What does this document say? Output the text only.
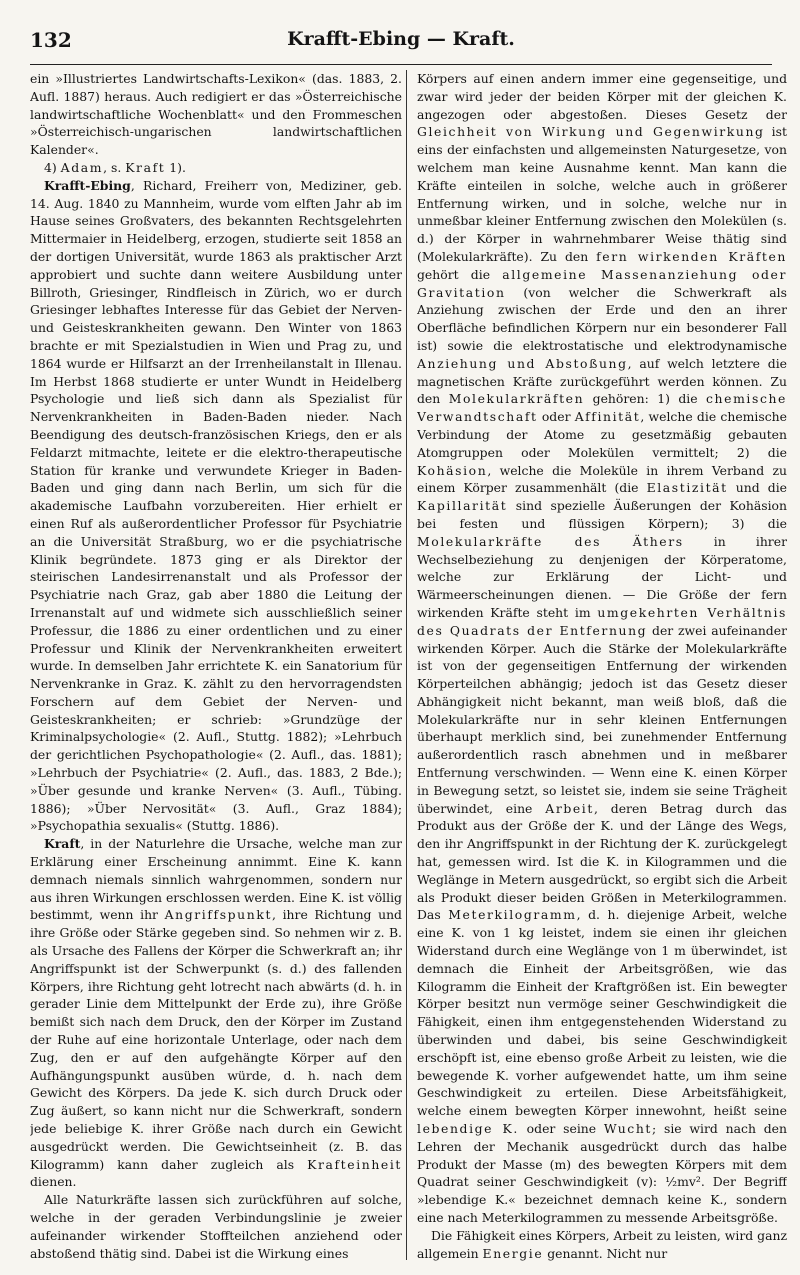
132	Krafft-Ebing — Kraft.

ein »Illustriertes Landwirtschafts-Lexikon« (das. 1883, 2. Aufl. 1887) heraus. Auch redigiert er das »Österreichische landwirtschaftliche Wochenblatt« und den Frommeschen »Österreichisch-ungarischen landwirtschaftlichen Kalender«.

4) Adam, s. Kraft 1).

Krafft-Ebing, Richard, Freiherr von, Mediziner, geb. 14. Aug. 1840 zu Mannheim, wurde vom elften Jahr ab im Hause seines Großvaters, des bekannten Rechtsgelehrten Mittermaier in Heidelberg, erzogen, studierte seit 1858 an der dortigen Universität, wurde 1863 als praktischer Arzt approbiert und suchte dann weitere Ausbildung unter Billroth, Griesinger, Rindfleisch in Zürich, wo er durch Griesinger lebhaftes Interesse für das Gebiet der Nerven- und Geisteskrankheiten gewann. Den Winter von 1863 brachte er mit Spezialstudien in Wien und Prag zu, und 1864 wurde er Hilfsarzt an der Irrenheilanstalt in Illenau. Im Herbst 1868 studierte er unter Wundt in Heidelberg Psychologie und ließ sich dann als Spezialist für Nervenkrankheiten in Baden-Baden nieder. Nach Beendigung des deutsch-französischen Kriegs, den er als Feldarzt mitmachte, leitete er die elektro-therapeutische Station für kranke und verwundete Krieger in Baden-Baden und ging dann nach Berlin, um sich für die akademische Laufbahn vorzubereiten. Hier erhielt er einen Ruf als außerordentlicher Professor für Psychiatrie an die Universität Straßburg, wo er die psychiatrische Klinik begründete. 1873 ging er als Direktor der steirischen Landesirrenanstalt und als Professor der Psychiatrie nach Graz, gab aber 1880 die Leitung der Irrenanstalt auf und widmete sich ausschließlich seiner Professur, die 1886 zu einer ordentlichen und zu einer Professur und Klinik der Nervenkrankheiten erweitert wurde. In demselben Jahr errichtete K. ein Sanatorium für Nervenkranke in Graz. K. zählt zu den hervorragendsten Forschern auf dem Gebiet der Nerven- und Geisteskrankheiten; er schrieb: »Grundzüge der Kriminalpsychologie« (2. Aufl., Stuttg. 1882); »Lehrbuch der gerichtlichen Psychopathologie« (2. Aufl., das. 1881); »Lehrbuch der Psychiatrie« (2. Aufl., das. 1883, 2 Bde.); »Über gesunde und kranke Nerven« (3. Aufl., Tübing. 1886); »Über Nervosität« (3. Aufl., Graz 1884); »Psychopathia sexualis« (Stuttg. 1886).

Kraft, in der Naturlehre die Ursache, welche man zur Erklärung einer Erscheinung annimmt. Eine K. kann demnach niemals sinnlich wahrgenommen, sondern nur aus ihren Wirkungen erschlossen werden. Eine K. ist völlig bestimmt, wenn ihr Angriffspunkt, ihre Richtung und ihre Größe oder Stärke gegeben sind. So nehmen wir z. B. als Ursache des Fallens der Körper die Schwerkraft an; ihr Angriffspunkt ist der Schwerpunkt (s. d.) des fallenden Körpers, ihre Richtung geht lotrecht nach abwärts (d. h. in gerader Linie dem Mittelpunkt der Erde zu), ihre Größe bemißt sich nach dem Druck, den der Körper im Zustand der Ruhe auf eine horizontale Unterlage, oder nach dem Zug, den er auf den aufgehängte Körper auf den Aufhängungspunkt ausüben würde, d. h. nach dem Gewicht des Körpers. Da jede K. sich durch Druck oder Zug äußert, so kann nicht nur die Schwerkraft, sondern jede beliebige K. ihrer Größe nach durch ein Gewicht ausgedrückt werden. Die Gewichtseinheit (z. B. das Kilogramm) kann daher zugleich als Krafteinheit dienen.

Alle Naturkräfte lassen sich zurückführen auf solche, welche in der geraden Verbindungslinie je zweier aufeinander wirkender Stoffteilchen anziehend oder abstoßend thätig sind. Dabei ist die Wirkung eines

Körpers auf einen andern immer eine gegenseitige, und zwar wird jeder der beiden Körper mit der gleichen K. angezogen oder abgestoßen. Dieses Gesetz der Gleichheit von Wirkung und Gegenwirkung ist eins der einfachsten und allgemeinsten Naturgesetze, von welchem man keine Ausnahme kennt. Man kann die Kräfte einteilen in solche, welche auch in größerer Entfernung wirken, und in solche, welche nur in unmeßbar kleiner Entfernung zwischen den Molekülen (s. d.) der Körper in wahrnehmbarer Weise thätig sind (Molekularkräfte). Zu den fern wirkenden Kräften gehört die allgemeine Massenanziehung oder Gravitation (von welcher die Schwerkraft als Anziehung zwischen der Erde und den an ihrer Oberfläche befindlichen Körpern nur ein besonderer Fall ist) sowie die elektrostatische und elektrodynamische Anziehung und Abstoßung, auf welch letztere die magnetischen Kräfte zurückgeführt werden können. Zu den Molekularkräften gehören: 1) die chemische Verwandtschaft oder Affinität, welche die chemische Verbindung der Atome zu gesetzmäßig gebauten Atomgruppen oder Molekülen vermittelt; 2) die Kohäsion, welche die Moleküle in ihrem Verband zu einem Körper zusammenhält (die Elastizität und die Kapillarität sind spezielle Äußerungen der Kohäsion bei festen und flüssigen Körpern); 3) die Molekularkräfte des Äthers in ihrer Wechselbeziehung zu denjenigen der Körperatome, welche zur Erklärung der Licht- und Wärmeerscheinungen dienen. — Die Größe der fern wirkenden Kräfte steht im umgekehrten Verhältnis des Quadrats der Entfernung der zwei aufeinander wirkenden Körper. Auch die Stärke der Molekularkräfte ist von der gegenseitigen Entfernung der wirkenden Körperteilchen abhängig; jedoch ist das Gesetz dieser Abhängigkeit nicht bekannt, man weiß bloß, daß die Molekularkräfte nur in sehr kleinen Entfernungen überhaupt merklich sind, bei zunehmender Entfernung außerordentlich rasch abnehmen und in meßbarer Entfernung verschwinden. — Wenn eine K. einen Körper in Bewegung setzt, so leistet sie, indem sie seine Trägheit überwindet, eine Arbeit, deren Betrag durch das Produkt aus der Größe der K. und der Länge des Wegs, den ihr Angriffspunkt in der Richtung der K. zurückgelegt hat, gemessen wird. Ist die K. in Kilogrammen und die Weglänge in Metern ausgedrückt, so ergibt sich die Arbeit als Produkt dieser beiden Größen in Meterkilogrammen. Das Meterkilogramm, d. h. diejenige Arbeit, welche eine K. von 1 kg leistet, indem sie einen ihr gleichen Widerstand durch eine Weglänge von 1 m überwindet, ist demnach die Einheit der Arbeitsgrößen, wie das Kilogramm die Einheit der Kraftgrößen ist. Ein bewegter Körper besitzt nun vermöge seiner Geschwindigkeit die Fähigkeit, einen ihm entgegenstehenden Widerstand zu überwinden und dabei, bis seine Geschwindigkeit erschöpft ist, eine ebenso große Arbeit zu leisten, wie die bewegende K. vorher aufgewendet hatte, um ihm seine Geschwindigkeit zu erteilen. Diese Arbeitsfähigkeit, welche einem bewegten Körper innewohnt, heißt seine lebendige K. oder seine Wucht; sie wird nach den Lehren der Mechanik ausgedrückt durch das halbe Produkt der Masse (m) des bewegten Körpers mit dem Quadrat seiner Geschwindigkeit (v): ½mv². Der Begriff »lebendige K.« bezeichnet demnach keine K., sondern eine nach Meterkilogrammen zu messende Arbeitsgröße.

Die Fähigkeit eines Körpers, Arbeit zu leisten, wird ganz allgemein Energie genannt. Nicht nur
